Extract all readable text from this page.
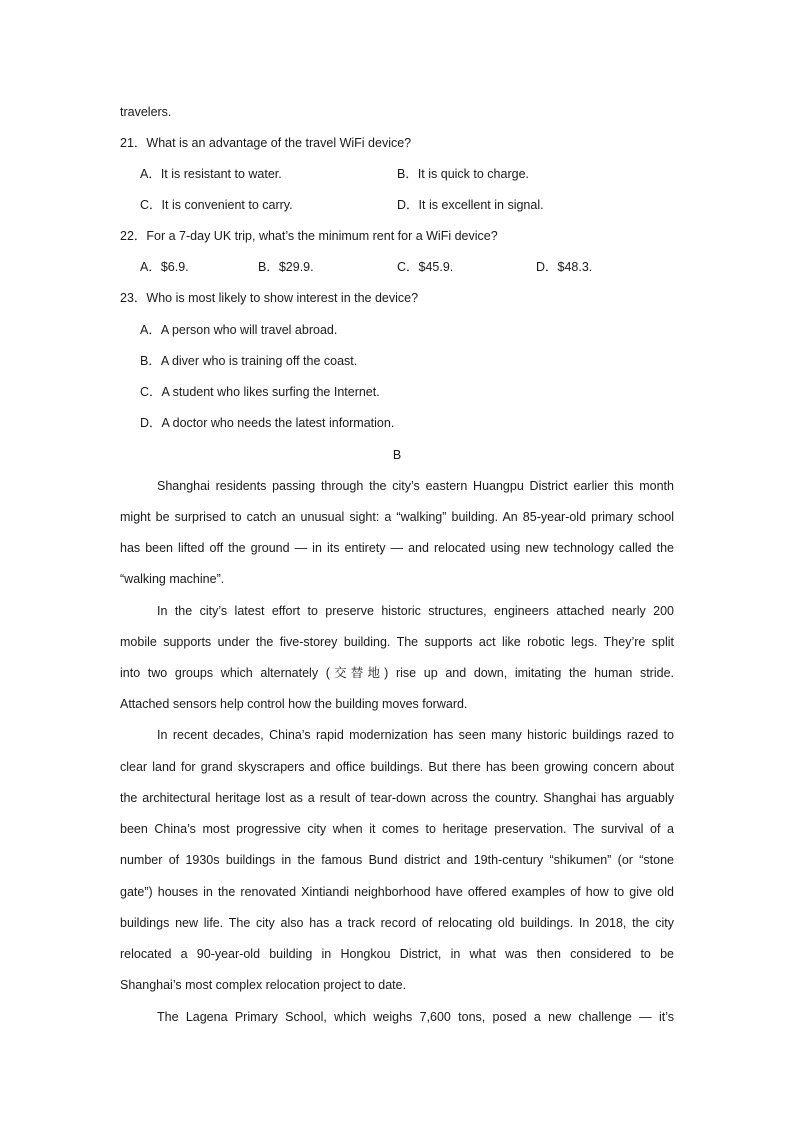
travelers.
21．What is an advantage of the travel WiFi device?
A．It is resistant to water.	B．It is quick to charge.
C．It is convenient to carry.	D．It is excellent in signal.
22．For a 7-day UK trip, what’s the minimum rent for a WiFi device?
A．$6.9.	B．$29.9.	C．$45.9.	D．$48.3.
23．Who is most likely to show interest in the device?
A．A person who will travel abroad.
B．A diver who is training off the coast.
C．A student who likes surfing the Internet.
D．A doctor who needs the latest information.
B
Shanghai residents passing through the city’s eastern Huangpu District earlier this month
might be surprised to catch an unusual sight: a “walking” building. An 85-year-old primary school
has been lifted off the ground — in its entirety — and relocated using new technology called the
“walking machine”.
In the city’s latest effort to preserve historic structures, engineers attached nearly 200
mobile supports under the five-storey building. The supports act like robotic legs. They’re split
into two groups which alternately (交替地) rise up and down, imitating the human stride.
Attached sensors help control how the building moves forward.
In recent decades, China’s rapid modernization has seen many historic buildings razed to
clear land for grand skyscrapers and office buildings. But there has been growing concern about
the architectural heritage lost as a result of tear-down across the country. Shanghai has arguably
been China’s most progressive city when it comes to heritage preservation. The survival of a
number of 1930s buildings in the famous Bund district and 19th-century “shikumen” (or “stone
gate”) houses in the renovated Xintiandi neighborhood have offered examples of how to give old
buildings new life. The city also has a track record of relocating old buildings. In 2018, the city
relocated a 90-year-old building in Hongkou District, in what was then considered to be
Shanghai’s most complex relocation project to date.
The Lagena Primary School, which weighs 7,600 tons, posed a new challenge — it’s
